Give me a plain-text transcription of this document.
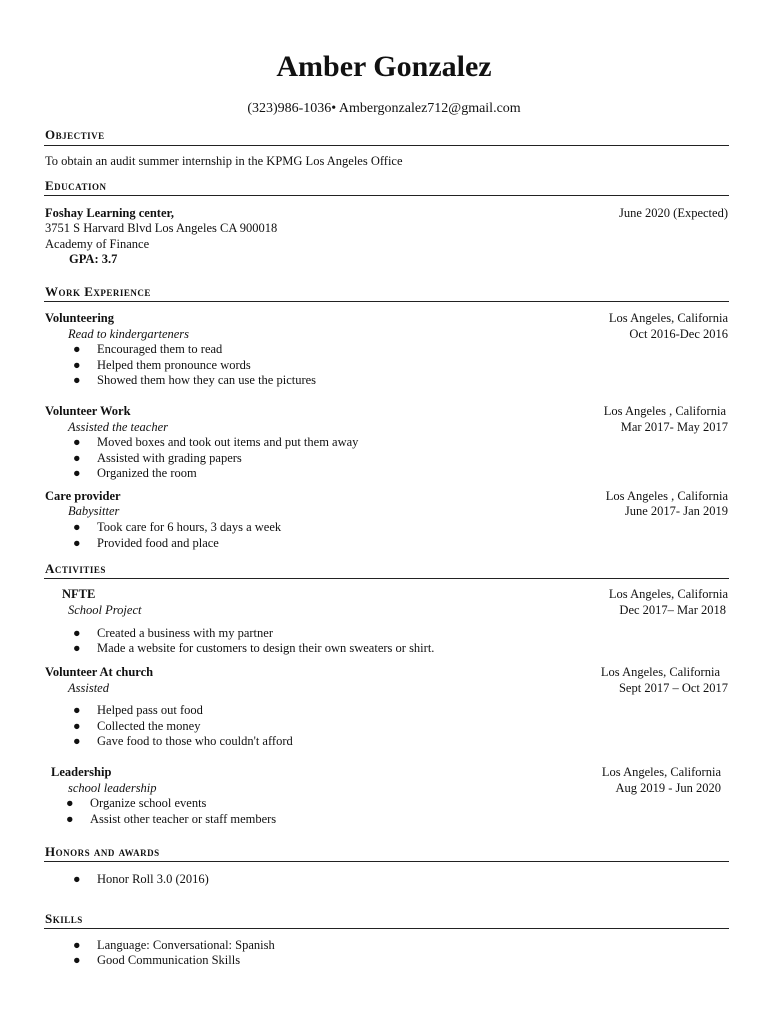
Amber Gonzalez
(323)986-1036• Ambergonzalez712@gmail.com
Objective
To obtain an audit summer internship in the KPMG Los Angeles Office
Education
Foshay Learning center,	June 2020 (Expected)
3751 S Harvard Blvd Los Angeles CA 900018
Academy of Finance
GPA: 3.7
Work Experience
Volunteering	Los Angeles, California
Read to kindergarteners	Oct 2016-Dec 2016
● Encouraged them to read
● Helped them pronounce words
● Showed them how they can use the pictures
Volunteer Work	Los Angeles , California
Assisted the teacher	Mar 2017- May 2017
● Moved boxes and took out items and put them away
● Assisted with grading papers
● Organized the room
Care provider	Los Angeles , California
Babysitter	June 2017- Jan 2019
● Took care for 6 hours, 3 days a week
● Provided food and place
Activities
NFTE	Los Angeles, California
School Project	Dec 2017– Mar 2018
● Created a business with my partner
● Made a website for customers to design their own sweaters or shirt.
Volunteer At church	Los Angeles, California
Assisted	Sept 2017 – Oct 2017
● Helped pass out food
● Collected the money
● Gave food to those who couldn't afford
Leadership	Los Angeles, California
school leadership	Aug 2019 - Jun 2020
● Organize school events
● Assist other teacher or staff members
Honors and awards
● Honor Roll 3.0 (2016)
Skills
● Language: Conversational: Spanish
● Good Communication Skills
